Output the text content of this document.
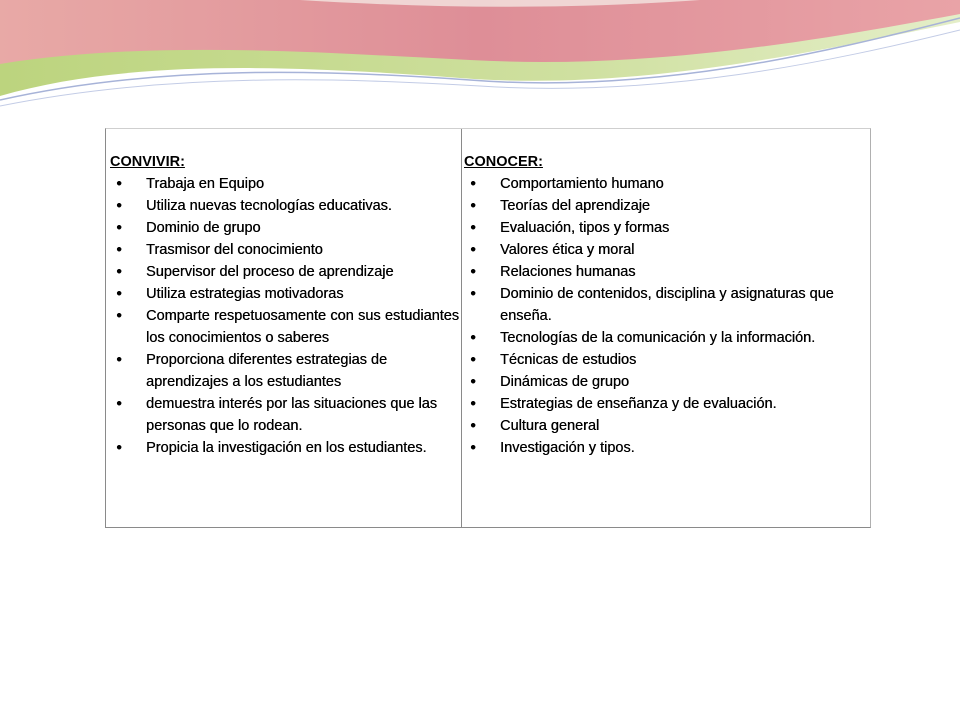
CONVIVIR:

● Trabaja en Equipo
● Utiliza nuevas tecnologías educativas.
● Dominio de grupo
● Trasmisor del conocimiento
● Supervisor del proceso de aprendizaje
● Utiliza estrategias motivadoras
● Comparte respetuosamente con sus estudiantes los conocimientos o saberes
● Proporciona diferentes estrategias de aprendizajes a los estudiantes
● demuestra interés por las situaciones que las personas que lo rodean.
● Propicia la investigación en los estudiantes.

CONOCER:

● Comportamiento humano
● Teorías del aprendizaje
● Evaluación, tipos y formas
● Valores ética y moral
● Relaciones humanas
● Dominio de contenidos, disciplina y asignaturas que enseña.
● Tecnologías de la comunicación y la información.
● Técnicas de estudios
● Dinámicas de grupo
● Estrategias de enseñanza y de evaluación.
● Cultura general
● Investigación y tipos.
